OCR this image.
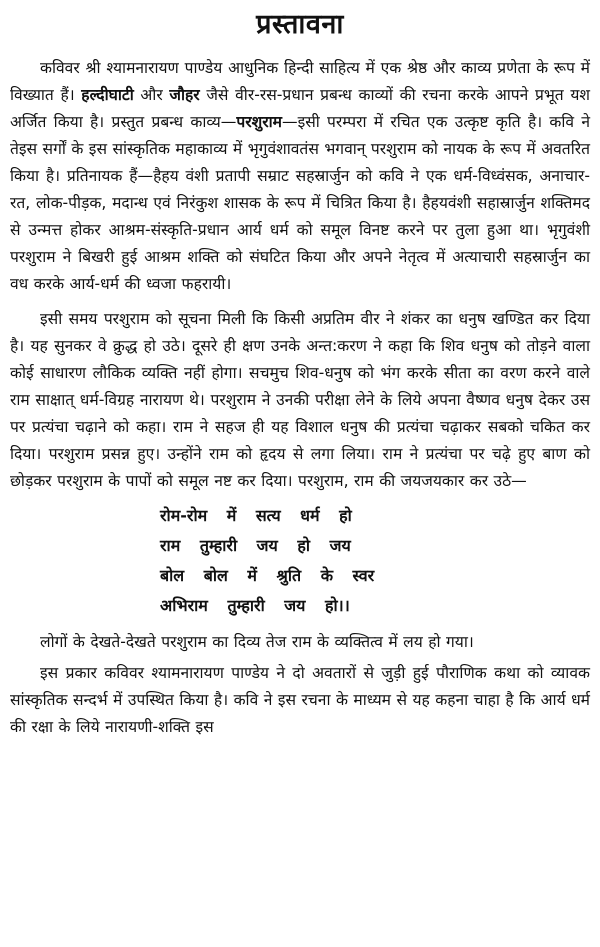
प्रस्तावना

कविवर श्री श्यामनारायण पाण्डेय आधुनिक हिन्दी साहित्य में एक श्रेष्ठ और काव्य प्रणेता के रूप में विख्यात हैं। हल्दीघाटी और जौहर जैसे वीर-रस-प्रधान प्रबन्ध काव्यों की रचना करके आपने प्रभूत यश अर्जित किया है। प्रस्तुत प्रबन्ध काव्य—परशुराम—इसी परम्परा में रचित एक उत्कृष्ट कृति है। कवि ने तेइस सर्गों के इस सांस्कृतिक महाकाव्य में भृगुवंशावतंस भगवान् परशुराम को नायक के रूप में अवतरित किया है। प्रतिनायक हैं—हैहय वंशी प्रतापी सम्राट सहस्रार्जुन को कवि ने एक धर्म-विध्वंसक, अनाचार-रत, लोक-पीड़क, मदान्ध एवं निरंकुश शासक के रूप में चित्रित किया है। हैहयवंशी सहास्रार्जुन शक्तिमद से उन्मत्त होकर आश्रम-संस्कृति-प्रधान आर्य धर्म को समूल विनष्ट करने पर तुला हुआ था। भृगुवंशी परशुराम ने बिखरी हुई आश्रम शक्ति को संघटित किया और अपने नेतृत्व में अत्याचारी सहस्रार्जुन का वध करके आर्य-धर्म की ध्वजा फहरायी।

इसी समय परशुराम को सूचना मिली कि किसी अप्रतिम वीर ने शंकर का धनुष खण्डित कर दिया है। यह सुनकर वे क्रुद्ध हो उठे। दूसरे ही क्षण उनके अन्त:करण ने कहा कि शिव धनुष को तोड़ने वाला कोई साधारण लौकिक व्यक्ति नहीं होगा। सचमुच शिव-धनुष को भंग करके सीता का वरण करने वाले राम साक्षात् धर्म-विग्रह नारायण थे। परशुराम ने उनकी परीक्षा लेने के लिये अपना वैष्णव धनुष देकर उस पर प्रत्यंचा चढ़ाने को कहा। राम ने सहज ही यह विशाल धनुष की प्रत्यंचा चढ़ाकर सबको चकित कर दिया। परशुराम प्रसन्न हुए। उन्होंने राम को हृदय से लगा लिया। राम ने प्रत्यंचा पर चढ़े हुए बाण को छोड़कर परशुराम के पापों को समूल नष्ट कर दिया। परशुराम, राम की जयजयकार कर उठे—

रोम-रोम में सत्य धर्म हो
राम तुम्हारी जय हो जय
बोल बोल में श्रुति के स्वर
अभिराम तुम्हारी जय हो।।

लोगों के देखते-देखते परशुराम का दिव्य तेज राम के व्यक्तित्व में लय हो गया।

इस प्रकार कविवर श्यामनारायण पाण्डेय ने दो अवतारों से जुड़ी हुई पौराणिक कथा को व्यावक सांस्कृतिक सन्दर्भ में उपस्थित किया है। कवि ने इस रचना के माध्यम से यह कहना चाहा है कि आर्य धर्म की रक्षा के लिये नारायणी-शक्ति इस
